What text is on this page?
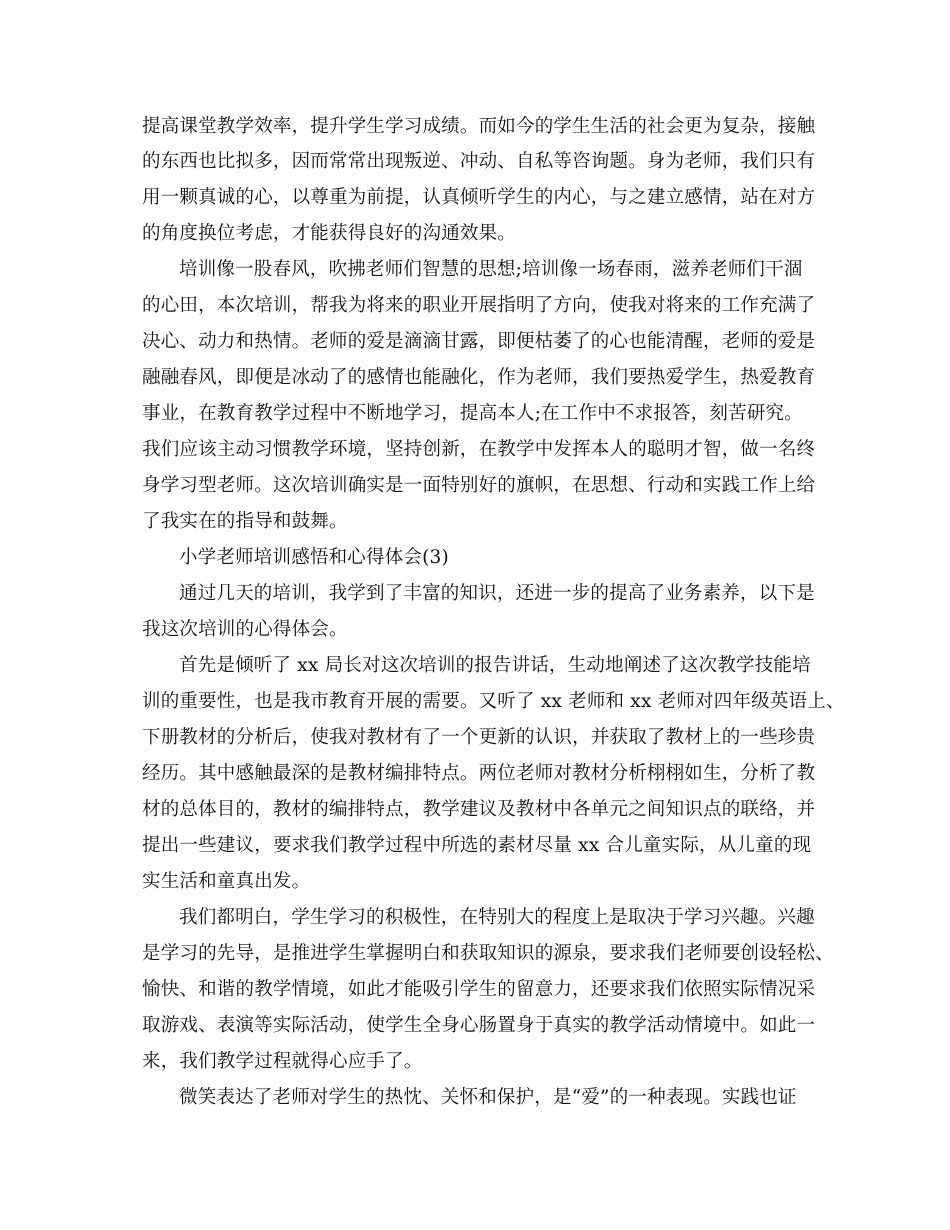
提高课堂教学效率，提升学生学习成绩。而如今的学生生活的社会更为复杂，接触
的东西也比拟多，因而常常出现叛逆、冲动、自私等咨询题。身为老师，我们只有
用一颗真诚的心，以尊重为前提，认真倾听学生的内心，与之建立感情，站在对方
的角度换位考虑，才能获得良好的沟通效果。
培训像一股春风，吹拂老师们智慧的思想;培训像一场春雨，滋养老师们干涸
的心田，本次培训，帮我为将来的职业开展指明了方向，使我对将来的工作充满了
决心、动力和热情。老师的爱是滴滴甘露，即便枯萎了的心也能清醒，老师的爱是
融融春风，即便是冰动了的感情也能融化，作为老师，我们要热爱学生，热爱教育
事业，在教育教学过程中不断地学习，提高本人;在工作中不求报答，刻苦研究。
我们应该主动习惯教学环境，坚持创新，在教学中发挥本人的聪明才智，做一名终
身学习型老师。这次培训确实是一面特别好的旗帜，在思想、行动和实践工作上给
了我实在的指导和鼓舞。
小学老师培训感悟和心得体会(3)
通过几天的培训，我学到了丰富的知识，还进一步的提高了业务素养，以下是
我这次培训的心得体会。
首先是倾听了 xx 局长对这次培训的报告讲话，生动地阐述了这次教学技能培
训的重要性，也是我市教育开展的需要。又听了 xx 老师和 xx 老师对四年级英语上、
下册教材的分析后，使我对教材有了一个更新的认识，并获取了教材上的一些珍贵
经历。其中感触最深的是教材编排特点。两位老师对教材分析栩栩如生，分析了教
材的总体目的，教材的编排特点，教学建议及教材中各单元之间知识点的联络，并
提出一些建议，要求我们教学过程中所选的素材尽量 xx 合儿童实际，从儿童的现
实生活和童真出发。
我们都明白，学生学习的积极性，在特别大的程度上是取决于学习兴趣。兴趣
是学习的先导，是推进学生掌握明白和获取知识的源泉，要求我们老师要创设轻松、
愉快、和谐的教学情境，如此才能吸引学生的留意力，还要求我们依照实际情况采
取游戏、表演等实际活动，使学生全身心肠置身于真实的教学活动情境中。如此一
来，我们教学过程就得心应手了。
微笑表达了老师对学生的热忱、关怀和保护，是“爱”的一种表现。实践也证
